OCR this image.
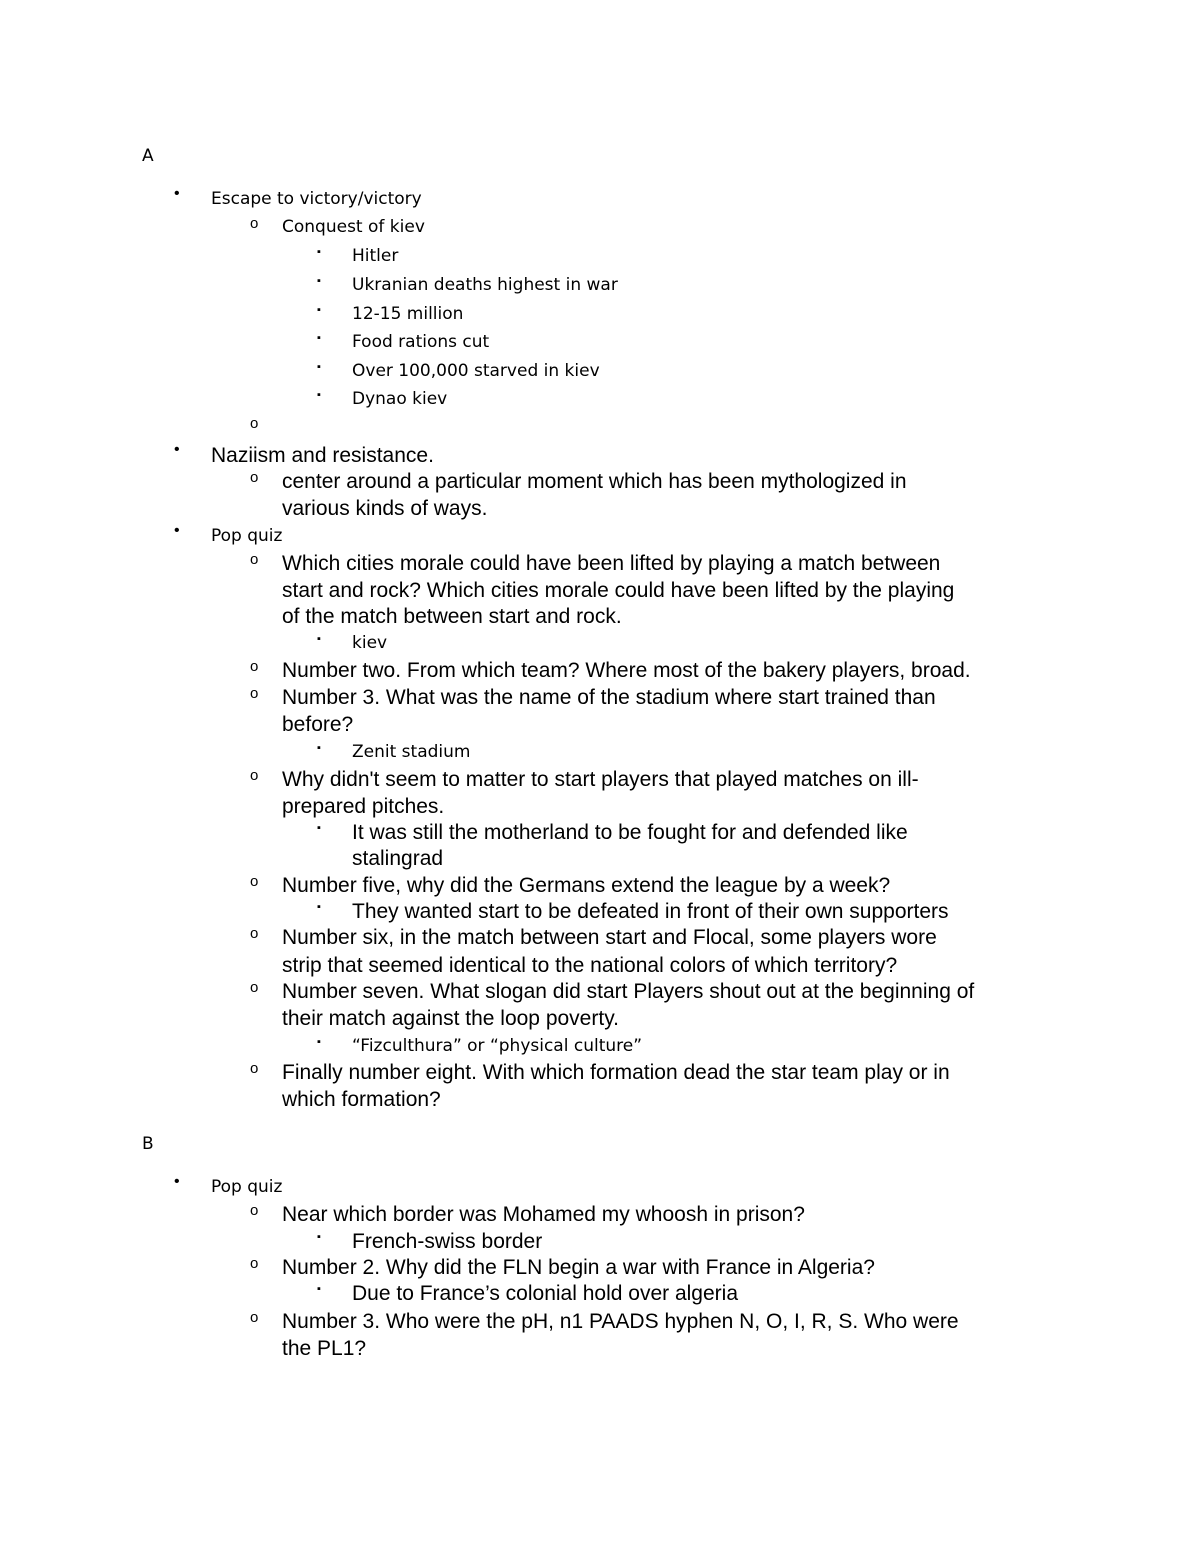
A
• Escape to victory/victory
o Conquest of kiev
▪ Hitler
▪ Ukranian deaths highest in war
▪ 12-15 million
▪ Food rations cut
▪ Over 100,000 starved in kiev
▪ Dynao kiev
o
• Naziism and resistance.
o center around a particular moment which has been mythologized in
various kinds of ways.
• Pop quiz
o Which cities morale could have been lifted by playing a match between
start and rock? Which cities morale could have been lifted by the playing
of the match between start and rock.
▪ kiev
o Number two. From which team? Where most of the bakery players, broad.
o Number 3. What was the name of the stadium where start trained than
before?
▪ Zenit stadium
o Why didn't seem to matter to start players that played matches on ill-
prepared pitches.
▪ It was still the motherland to be fought for and defended like
stalingrad
o Number five, why did the Germans extend the league by a week?
▪ They wanted start to be defeated in front of their own supporters
o Number six, in the match between start and Flocal, some players wore
strip that seemed identical to the national colors of which territory?
o Number seven. What slogan did start Players shout out at the beginning of
their match against the loop poverty.
▪ “Fizculthura” or “physical culture”
o Finally number eight. With which formation dead the star team play or in
which formation?
B
• Pop quiz
o Near which border was Mohamed my whoosh in prison?
▪ French-swiss border
o Number 2. Why did the FLN begin a war with France in Algeria?
▪ Due to France’s colonial hold over algeria
o Number 3. Who were the pH, n1 PAADS hyphen N, O, I, R, S. Who were
the PL1?
